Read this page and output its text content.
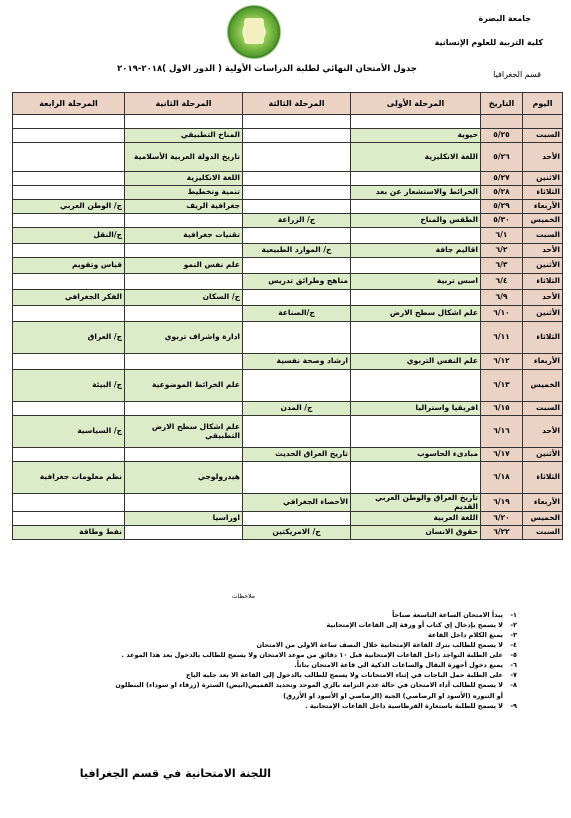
جامعة البصرة
كلية التربية للعلوم الإنسانية
قسم الجغرافيا
جدول الأمتحان النهائي لطلبة الدراسات الأولية ( الدور الاول )٢٠١٨-٢٠١٩
اليوم	التاريخ	المرحلة الأولى	المرحلة الثالثة	المرحلة الثانية	المرحلة الرابعة

السبت	٥/٢٥	حيوية		المناخ التطبيقي	
الأحد	٥/٢٦	اللغة الانكليزية		تاريخ الدولة العربية الأسلامية	
الاثنين	٥/٢٧			اللغة الانكليزية	
الثلاثاء	٥/٢٨	الخرائط والاستشعار عن بعد		تنمية وتخطيط	
الأربعاء	٥/٢٩			جغرافية الريف	ج/ الوطن العربي
الخميس	٥/٣٠	الطقس والمناخ	ج/ الزراعة		
السبت	٦/١			تقنيات جغرافية	ج/النقل
الأحد	٦/٢	اقاليم جافة	ج/ الموارد الطبيعية		
الأثنين	٦/٣			علم نفس النمو	قياس وتقويم
الثلاثاء	٦/٤	اسس تربية	مناهج وطرائق تدريس		
الأحد	٦/٩			ج/ السكان	الفكر الجغرافي
الأثنين	٦/١٠	علم اشكال سطح الارض	ج/الصناعة		
الثلاثاء	٦/١١			ادارة واشراف تربوي	ج/ العراق
الأربعاء	٦/١٢	علم النفس التربوي	ارشاد وصحة نفسية		
الخميس	٦/١٣			علم الخرائط الموضوعية	ج/ البيئة
السبت	٦/١٥	افريقيا واستراليا	ج/ المدن		
الأحد	٦/١٦			علم اشكال سطح الارض التطبيقي	ج/ السياسية
الأثنين	٦/١٧	مبادىء الحاسوب	تاريخ العراق الحديث		
الثلاثاء	٦/١٨			هيدرولوجي	نظم معلومات جغرافية
الأربعاء	٦/١٩	تاريخ العراق والوطن العربي القديم	الأحصاء الجغرافي		
الخميس	٦/٢٠	اللغة العربية		اوراسيا	
السبت	٦/٢٢	حقوق الانسان	ج/ الامريكتين		نفط وطاقة
ملاحظات
١-يبدأ الامتحان الساعة التاسعة صباحاً
٢-لا يسمح بإدخال إي كتاب أو ورقة إلى القاعات الإمتحانية
٣-يمنع الكلام داخل القاعة
٤-لا يسمح للطالب بترك القاعة الإمتحانية خلال النصف ساعة الاولى من الامتحان
٥-على الطلبة التواجد داخل القاعات الإمتحانية قبل ١٠ دقائق من موعد الامتحان ولا يسمح للطالب بالدخول بعد هذا الموعد .
٦-يمنع دخول أجهزة النقال والساعات الذكية الى قاعة الامتحان بتاتاً.
٧-على الطلبة حمل الباجات في إثناء الامتحانات ولا يسمح للطالب بالدخول إلى القاعة الا بعد جلبه الباج
٨-لا يسمح للطالب أداء الامتحان في حالة عدم التزامه بالزي الموحد وتحديد القميص(ابيض) السترة (زرقاء او سوداء) البنطلون
أو التنوره (الأسود او الرصاصي) الجبه (الرصاصي او الأسود او الأزرق)
٩-لا يسمح للطلبة باستعارة القرطاسية داخل القاعات الإمتحانية .
اللجنة الامتحانية في قسم الجغرافيا
